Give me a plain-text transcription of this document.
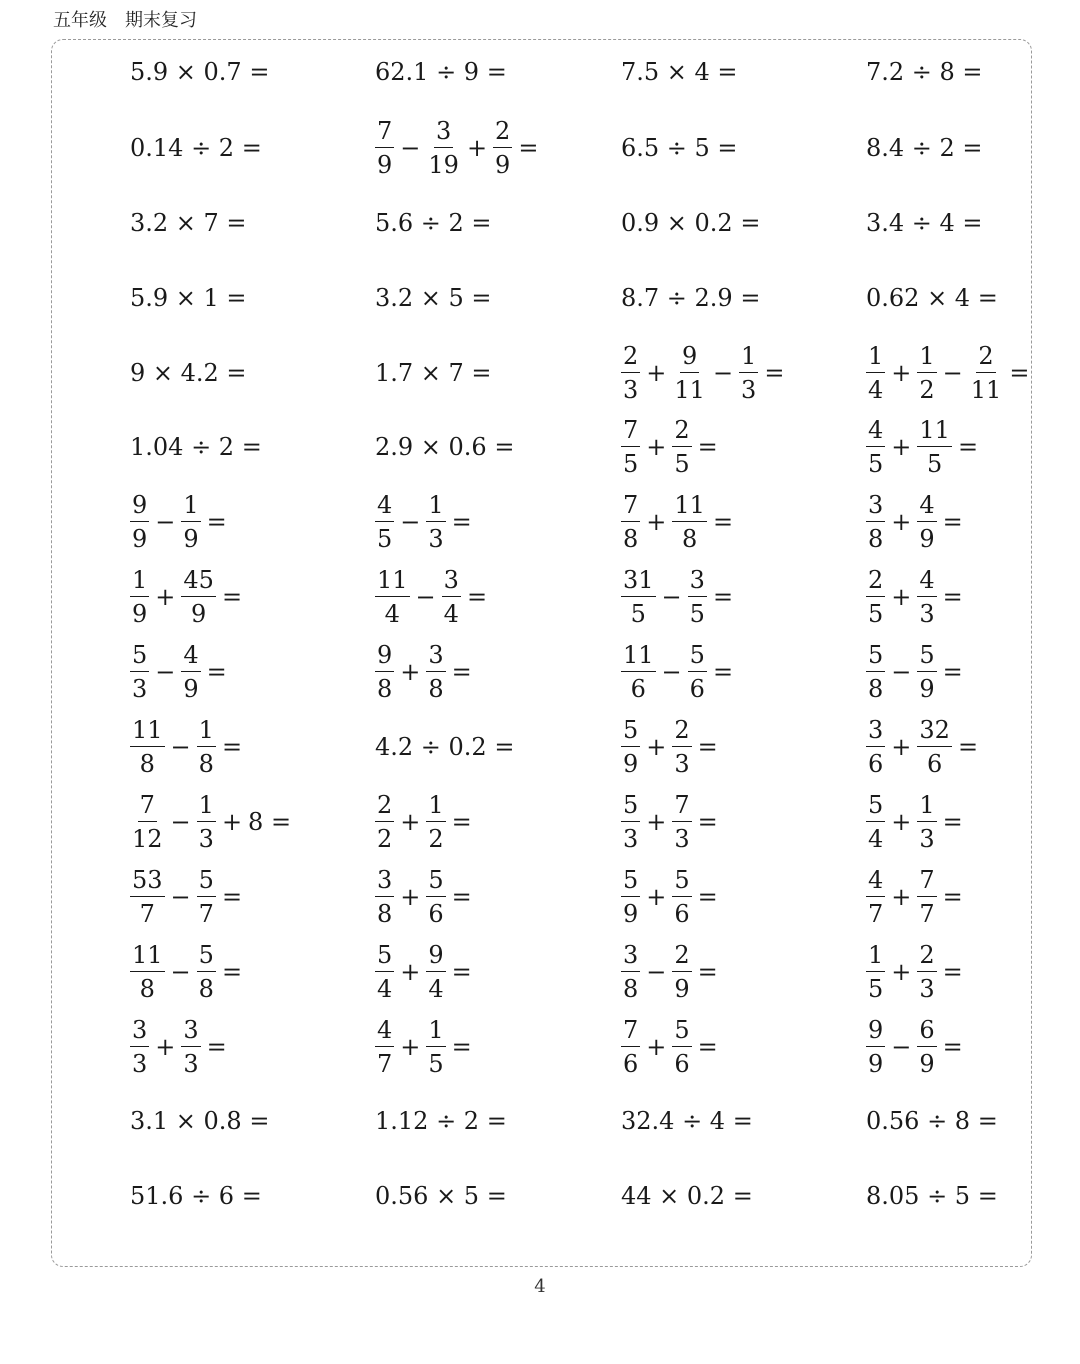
五年级 期末复习
5.9 × 0.7 =	62.1 ÷ 9 =	7.5 × 4 =	7.2 ÷ 8 =
0.14 ÷ 2 =	$\frac{7}{9} - \frac{3}{19} + \frac{2}{9}$ =	6.5 ÷ 5 =	8.4 ÷ 2 =
3.2 × 7 =	5.6 ÷ 2 =	0.9 × 0.2 =	3.4 ÷ 4 =
5.9 × 1 =	3.2 × 5 =	8.7 ÷ 2.9 =	0.62 × 4 =
9 × 4.2 =	1.7 × 7 =	$\frac{2}{3} + \frac{9}{11} - \frac{1}{3}$ =	$\frac{1}{4} + \frac{1}{2} - \frac{2}{11}$ =
1.04 ÷ 2 =	2.9 × 0.6 =	$\frac{7}{5} + \frac{2}{5}$ =	$\frac{4}{5} + \frac{11}{5}$ =
$\frac{9}{9} - \frac{1}{9}$ =	$\frac{4}{5} - \frac{1}{3}$ =	$\frac{7}{8} + \frac{11}{8}$ =	$\frac{3}{8} + \frac{4}{9}$ =
$\frac{1}{9} + \frac{45}{9}$ =	$\frac{11}{4} - \frac{3}{4}$ =	$\frac{31}{5} - \frac{3}{5}$ =	$\frac{2}{5} + \frac{4}{3}$ =
$\frac{5}{3} - \frac{4}{9}$ =	$\frac{9}{8} + \frac{3}{8}$ =	$\frac{11}{6} - \frac{5}{6}$ =	$\frac{5}{8} - \frac{5}{9}$ =
$\frac{11}{8} - \frac{1}{8}$ =	4.2 ÷ 0.2 =	$\frac{5}{9} + \frac{2}{3}$ =	$\frac{3}{6} + \frac{32}{6}$ =
$\frac{7}{12} - \frac{1}{3} + 8$ =	$\frac{2}{2} + \frac{1}{2}$ =	$\frac{5}{3} + \frac{7}{3}$ =	$\frac{5}{4} + \frac{1}{3}$ =
$\frac{53}{7} - \frac{5}{7}$ =	$\frac{3}{8} + \frac{5}{6}$ =	$\frac{5}{9} + \frac{5}{6}$ =	$\frac{4}{7} + \frac{7}{7}$ =
$\frac{11}{8} - \frac{5}{8}$ =	$\frac{5}{4} + \frac{9}{4}$ =	$\frac{3}{8} - \frac{2}{9}$ =	$\frac{1}{5} + \frac{2}{3}$ =
$\frac{3}{3} + \frac{3}{3}$ =	$\frac{4}{7} + \frac{1}{5}$ =	$\frac{7}{6} + \frac{5}{6}$ =	$\frac{9}{9} - \frac{6}{9}$ =
3.1 × 0.8 =	1.12 ÷ 2 =	32.4 ÷ 4 =	0.56 ÷ 8 =
51.6 ÷ 6 =	0.56 × 5 =	44 × 0.2 =	8.05 ÷ 5 =
4
